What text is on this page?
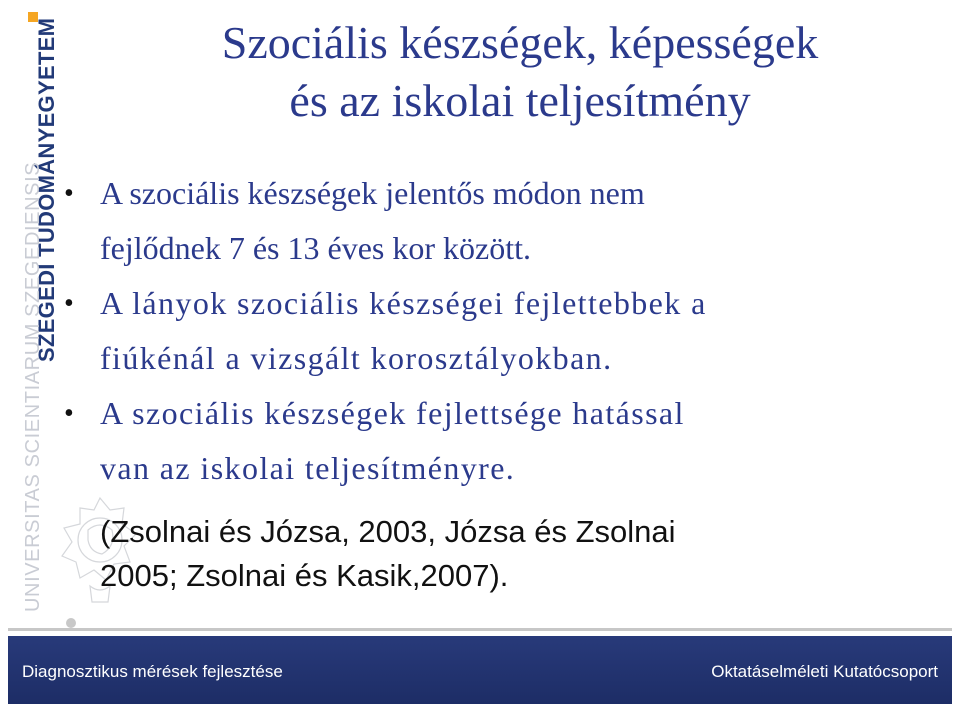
SZEGEDI TUDOMÁNYEGYETEM
UNIVERSITAS SCIENTIARUM SZEGEDIENSIS
Szociális készségek, képességek
és az iskolai teljesítmény
• A szociális készségek jelentős módon nem
fejlődnek 7 és 13 éves kor között.
• A lányok szociális készségei fejlettebbek a
fiúkénál a vizsgált korosztályokban.
• A szociális készségek fejlettsége hatással
van az iskolai teljesítményre.
(Zsolnai és Józsa, 2003, Józsa és Zsolnai
2005; Zsolnai és Kasik,2007).
Diagnosztikus mérések fejlesztése	Oktatáselméleti Kutatócsoport
